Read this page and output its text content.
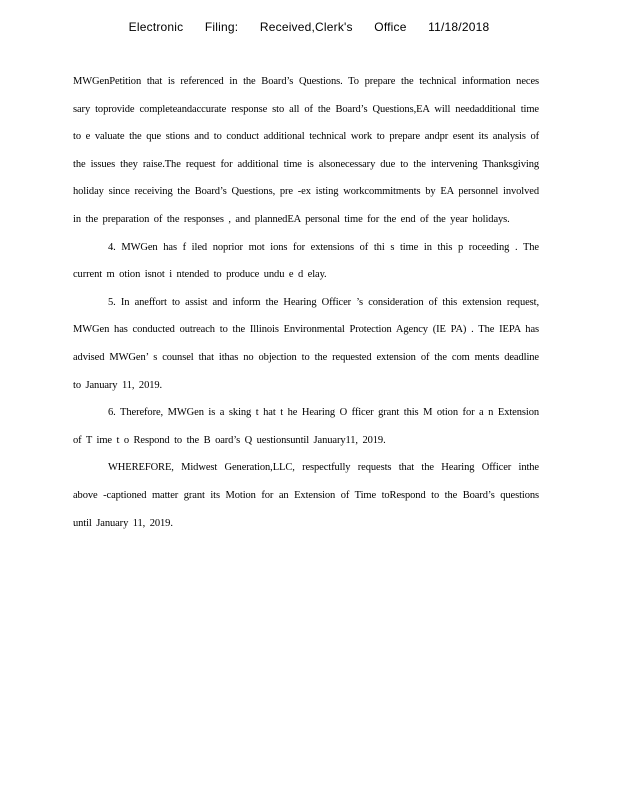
Electronic Filing: Received,Clerk's Office 11/18/2018

MWGenPetition that is referenced in the Board’s Questions. To prepare the technical information neces sary toprovide completeandaccurate response sto all of the Board’s Questions,EA will needadditional time to e valuate the que stions and to conduct additional technical work to prepare andpr esent its analysis of the issues they raise.The request for additional time is alsonecessary due to the intervening Thanksgiving holiday since receiving the Board’s Questions, pre -ex isting workcommitments by EA personnel involved in the preparation of the responses , and plannedEA personal time for the end of the year holidays.

4. MWGen has f iled noprior mot ions for extensions of thi s time in this p roceeding . The current m otion isnot i ntended to produce undu e d elay.

5. In aneffort to assist and inform the Hearing Officer ’s consideration of this extension request, MWGen has conducted outreach to the Illinois Environmental Protection Agency (IE PA) . The IEPA has advised MWGen’ s counsel that ithas no objection to the requested extension of the com ments deadline to January 11, 2019.

6. Therefore, MWGen is a sking t hat t he Hearing O fficer grant this M otion for a n Extension of T ime t o Respond to the B oard’s Q uestionsuntil January11, 2019.

WHEREFORE, Midwest Generation,LLC, respectfully requests that the Hearing Officer inthe above -captioned matter grant its Motion for an Extension of Time toRespond to the Board’s questions until January 11, 2019.
